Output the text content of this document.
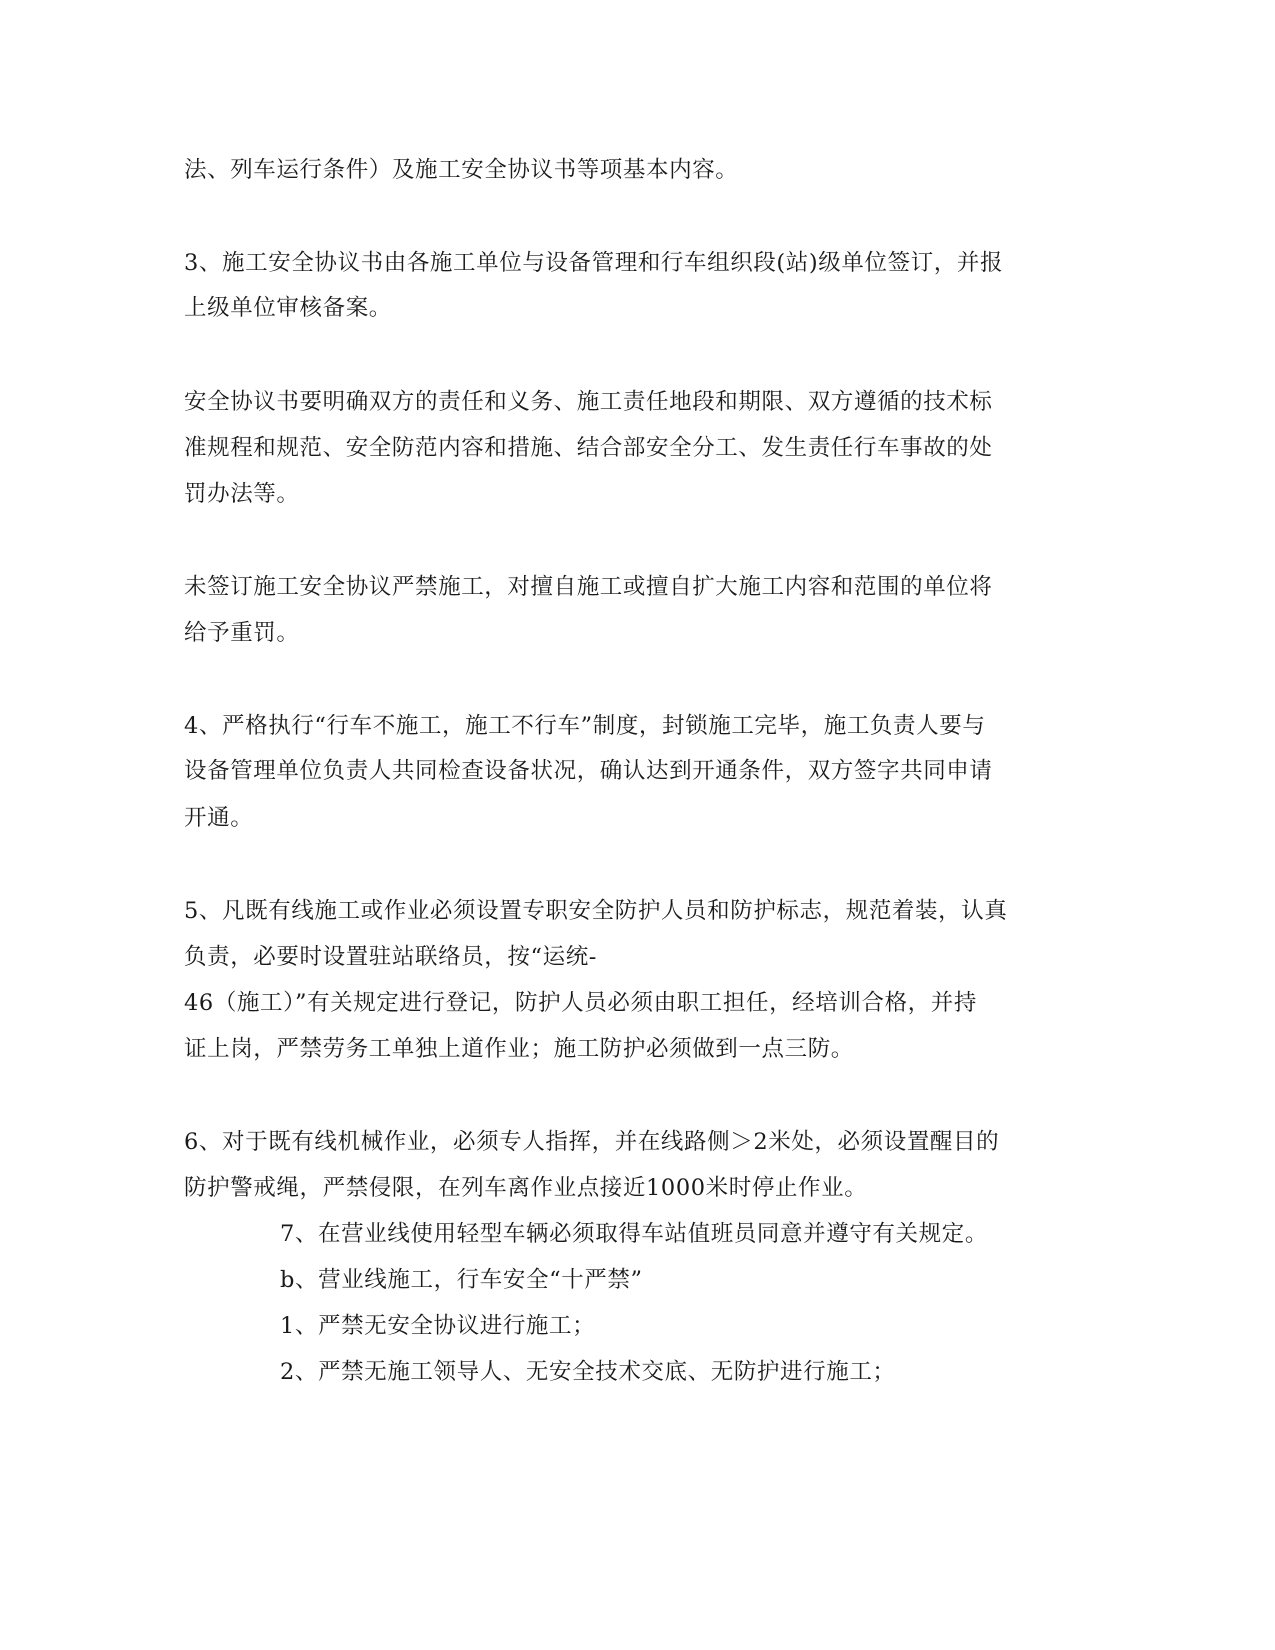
法、列车运行条件）及施工安全协议书等项基本内容。

3、施工安全协议书由各施工单位与设备管理和行车组织段(站)级单位签订，并报

上级单位审核备案。

安全协议书要明确双方的责任和义务、施工责任地段和期限、双方遵循的技术标

准规程和规范、安全防范内容和措施、结合部安全分工、发生责任行车事故的处

罚办法等。

未签订施工安全协议严禁施工，对擅自施工或擅自扩大施工内容和范围的单位将

给予重罚。

4、严格执行“行车不施工，施工不行车”制度，封锁施工完毕，施工负责人要与

设备管理单位负责人共同检查设备状况，确认达到开通条件，双方签字共同申请

开通。

5、凡既有线施工或作业必须设置专职安全防护人员和防护标志，规范着装，认真

负责，必要时设置驻站联络员，按“运统-

46（施工）”有关规定进行登记，防护人员必须由职工担任，经培训合格，并持

证上岗，严禁劳务工单独上道作业；施工防护必须做到一点三防。

6、对于既有线机械作业，必须专人指挥，并在线路侧＞2米处，必须设置醒目的

防护警戒绳，严禁侵限，在列车离作业点接近1000米时停止作业。

7、在营业线使用轻型车辆必须取得车站值班员同意并遵守有关规定。

b、营业线施工，行车安全“十严禁”

1、严禁无安全协议进行施工；

2、严禁无施工领导人、无安全技术交底、无防护进行施工；
